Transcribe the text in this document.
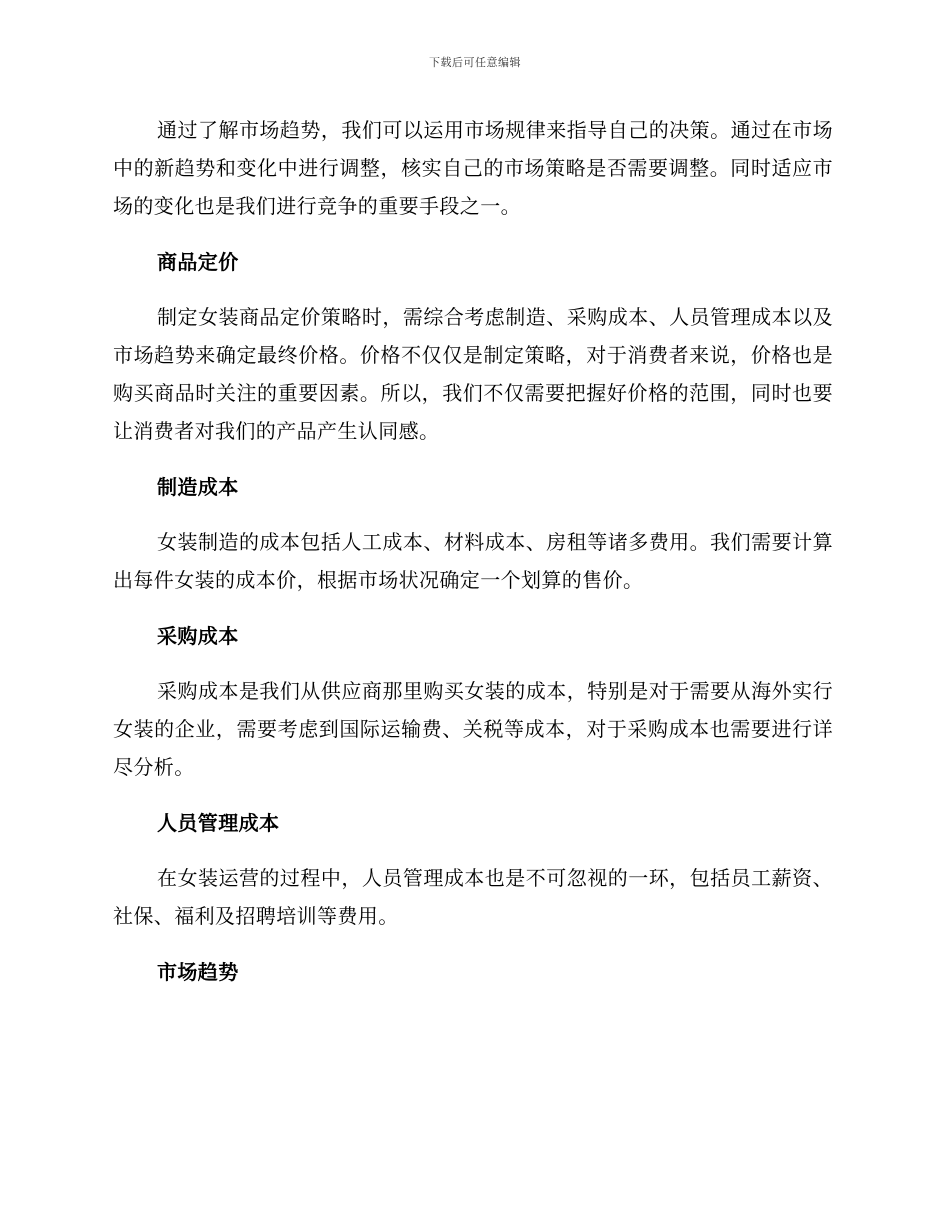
下载后可任意编辑

通过了解市场趋势，我们可以运用市场规律来指导自己的决策。通过在市场中的新趋势和变化中进行调整，核实自己的市场策略是否需要调整。同时适应市场的变化也是我们进行竞争的重要手段之一。

商品定价

制定女装商品定价策略时，需综合考虑制造、采购成本、人员管理成本以及市场趋势来确定最终价格。价格不仅仅是制定策略，对于消费者来说，价格也是购买商品时关注的重要因素。所以，我们不仅需要把握好价格的范围，同时也要让消费者对我们的产品产生认同感。

制造成本

女装制造的成本包括人工成本、材料成本、房租等诸多费用。我们需要计算出每件女装的成本价，根据市场状况确定一个划算的售价。

采购成本

采购成本是我们从供应商那里购买女装的成本，特别是对于需要从海外实行女装的企业，需要考虑到国际运输费、关税等成本，对于采购成本也需要进行详尽分析。

人员管理成本

在女装运营的过程中，人员管理成本也是不可忽视的一环，包括员工薪资、社保、福利及招聘培训等费用。

市场趋势
